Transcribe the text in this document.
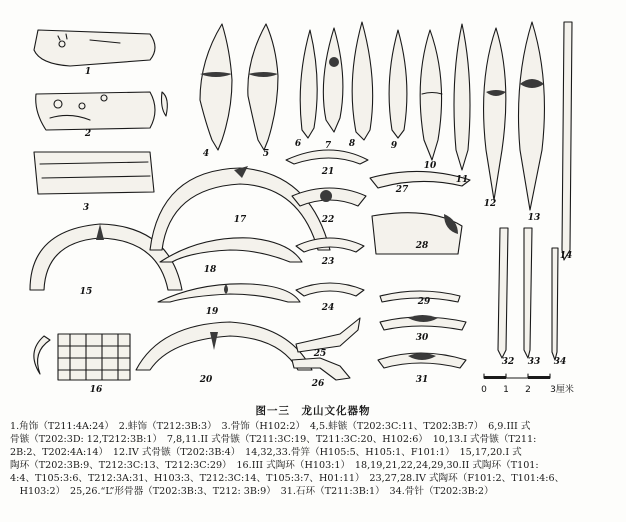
0 1 2 3厘米
1
2
3
4	5
6	7 8	9
10
11
12
13
14
15
16
17
18
19
20
21
22
23
24
25
26
27
28
29
30
31
32 33 34
图一三　龙山文化器物
1.角饰（T211:4A:24）　2.蚌饰（T212:3B:3）　3.骨饰（H102:2）　4,5.蚌镞（T202:3C:11、T202:3B:7）　6,9.III 式
骨镞（T202:3D: 12,T212:3B:1）　7,8,11.II 式骨镞（T211:3C:19、T211:3C:20、H102:6）　10,13.I 式骨镞（T211:
2B:2、T202:4A:14）　12.IV 式骨镞（T202:3B:4）　14,32,33.骨笄（H105:5、H105:1、F101:1）　15,17,20.I 式
陶环（T202:3B:9、T212:3C:13、T212:3C:29）　16.III 式陶环（H103:1）　18,19,21,22,24,29,30.II 式陶环（T101:
4:4、T105:3:6、T212:3A:31、H103:3、T212:3C:14、T105:3:7、H01:11）　23,27,28.IV 式陶环（F101:2、T101:4:6、
　H103:2）　25,26.“L”形骨器（T202:3B:3、T212: 3B:9）　31.石环（T211:3B:1）　34.骨针（T202:3B:2）
